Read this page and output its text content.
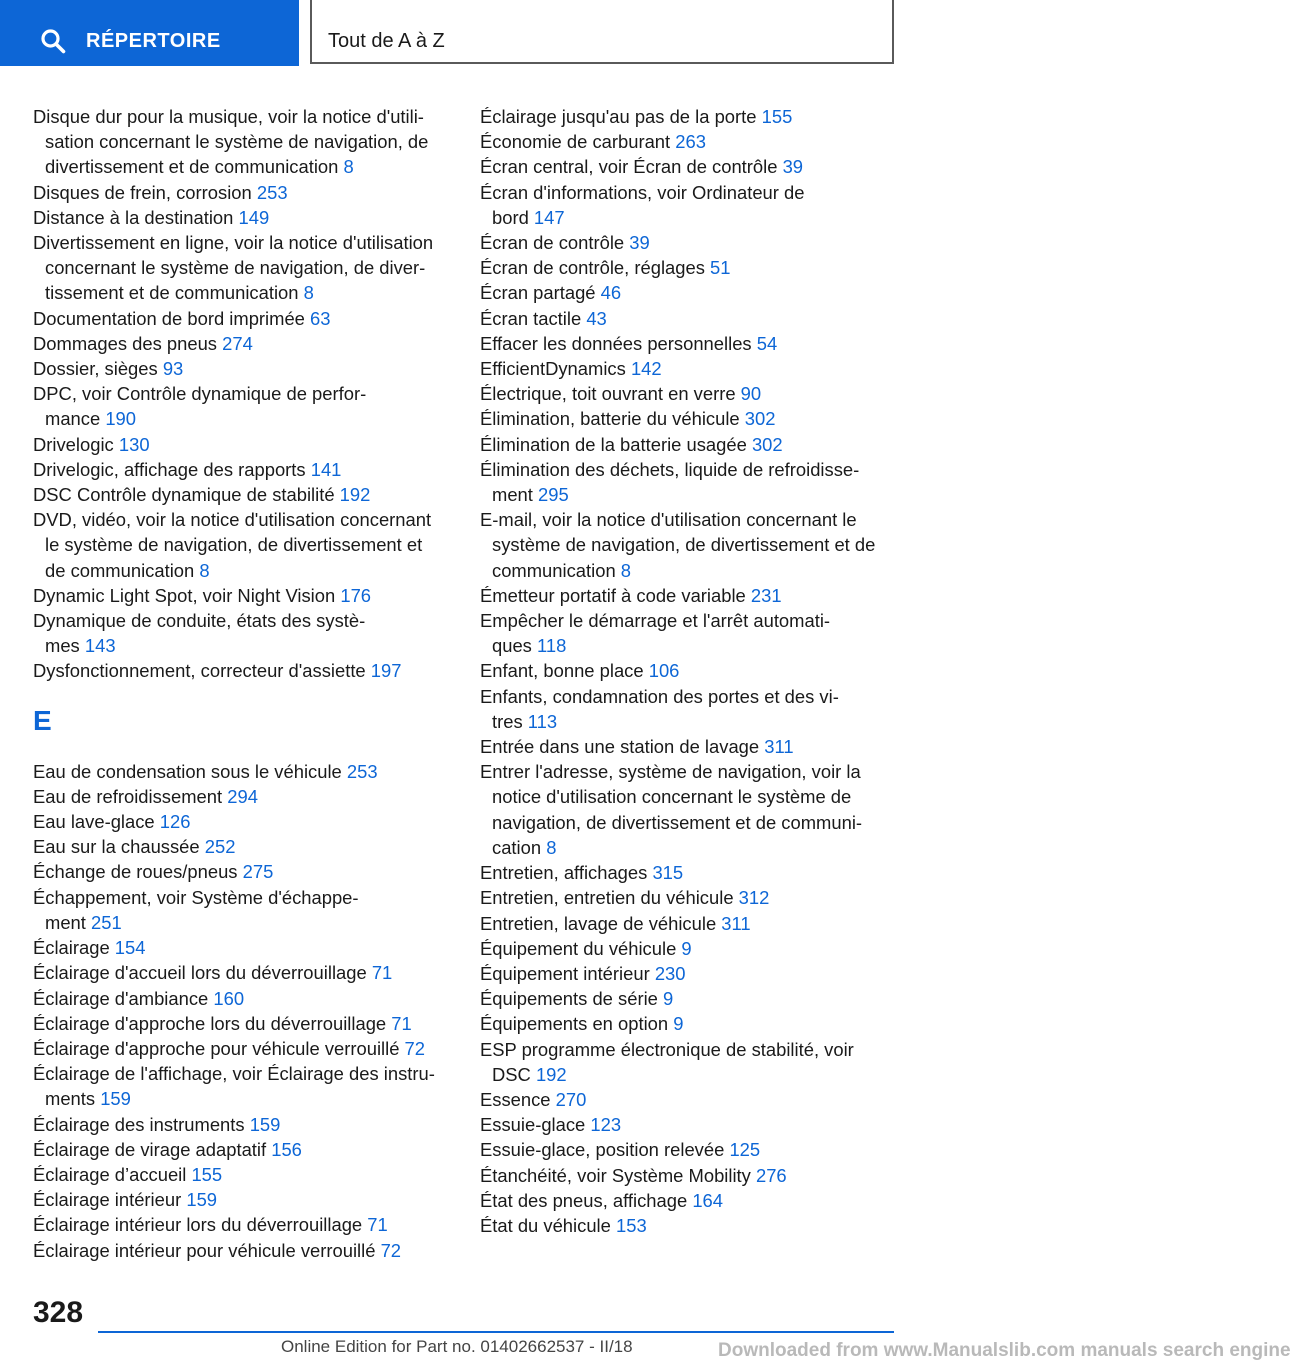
RÉPERTOIRE	Tout de A à Z
Disque dur pour la musique, voir la notice d'utili-
sation concernant le système de navigation, de
divertissement et de communication 8
Disques de frein, corrosion 253
Distance à la destination 149
Divertissement en ligne, voir la notice d'utilisation
concernant le système de navigation, de diver-
tissement et de communication 8
Documentation de bord imprimée 63
Dommages des pneus 274
Dossier, sièges 93
DPC, voir Contrôle dynamique de perfor-
mance 190
Drivelogic 130
Drivelogic, affichage des rapports 141
DSC Contrôle dynamique de stabilité 192
DVD, vidéo, voir la notice d'utilisation concernant
le système de navigation, de divertissement et
de communication 8
Dynamic Light Spot, voir Night Vision 176
Dynamique de conduite, états des systè-
mes 143
Dysfonctionnement, correcteur d'assiette 197
E
Eau de condensation sous le véhicule 253
Eau de refroidissement 294
Eau lave-glace 126
Eau sur la chaussée 252
Échange de roues/pneus 275
Échappement, voir Système d'échappe-
ment 251
Éclairage 154
Éclairage d'accueil lors du déverrouillage 71
Éclairage d'ambiance 160
Éclairage d'approche lors du déverrouillage 71
Éclairage d'approche pour véhicule verrouillé 72
Éclairage de l'affichage, voir Éclairage des instru-
ments 159
Éclairage des instruments 159
Éclairage de virage adaptatif 156
Éclairage d’accueil 155
Éclairage intérieur 159
Éclairage intérieur lors du déverrouillage 71
Éclairage intérieur pour véhicule verrouillé 72
Éclairage jusqu'au pas de la porte 155
Économie de carburant 263
Écran central, voir Écran de contrôle 39
Écran d'informations, voir Ordinateur de
bord 147
Écran de contrôle 39
Écran de contrôle, réglages 51
Écran partagé 46
Écran tactile 43
Effacer les données personnelles 54
EfficientDynamics 142
Électrique, toit ouvrant en verre 90
Élimination, batterie du véhicule 302
Élimination de la batterie usagée 302
Élimination des déchets, liquide de refroidisse-
ment 295
E-mail, voir la notice d'utilisation concernant le
système de navigation, de divertissement et de
communication 8
Émetteur portatif à code variable 231
Empêcher le démarrage et l'arrêt automati-
ques 118
Enfant, bonne place 106
Enfants, condamnation des portes et des vi-
tres 113
Entrée dans une station de lavage 311
Entrer l'adresse, système de navigation, voir la
notice d'utilisation concernant le système de
navigation, de divertissement et de communi-
cation 8
Entretien, affichages 315
Entretien, entretien du véhicule 312
Entretien, lavage de véhicule 311
Équipement du véhicule 9
Équipement intérieur 230
Équipements de série 9
Équipements en option 9
ESP programme électronique de stabilité, voir
DSC 192
Essence 270
Essuie-glace 123
Essuie-glace, position relevée 125
Étanchéité, voir Système Mobility 276
État des pneus, affichage 164
État du véhicule 153
328
Online Edition for Part no. 01402662537 - II/18	Downloaded from www.Manualslib.com manuals search engine
